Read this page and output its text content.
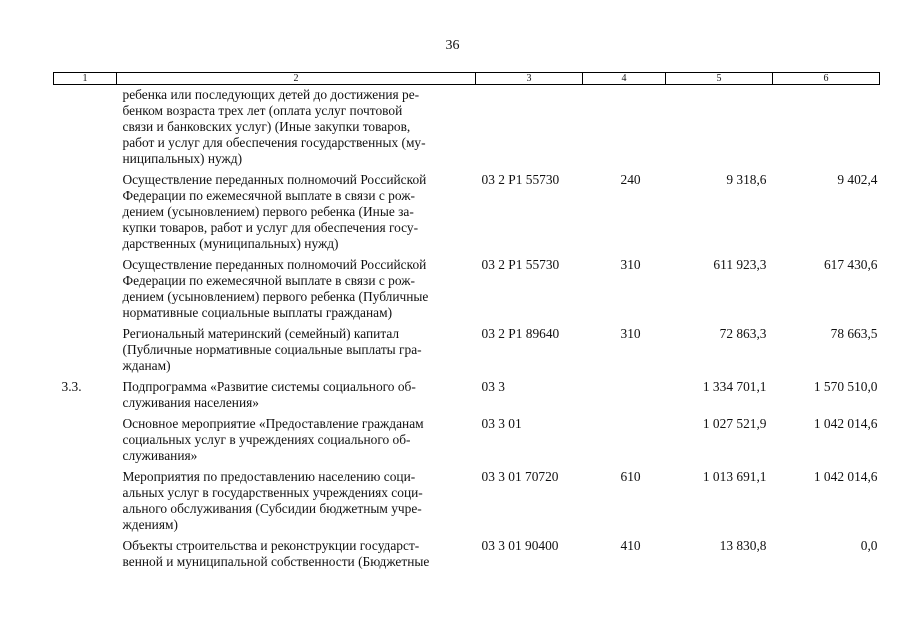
36
1	2	3	4	5	6

	ребенка или последующих детей до достижения ре-
бенком возраста трех лет (оплата услуг почтовой
связи и банковских услуг) (Иные закупки товаров,
работ и услуг для обеспечения государственных (му-
ниципальных) нужд)				

	Осуществление переданных полномочий Российской
Федерации по ежемесячной выплате в связи с рож-
дением (усыновлением) первого ребенка (Иные за-
купки товаров, работ и услуг для обеспечения госу-
дарственных (муниципальных) нужд)	03 2 P1 55730	240	9 318,6	9 402,4

	Осуществление переданных полномочий Российской
Федерации по ежемесячной выплате в связи с рож-
дением (усыновлением) первого ребенка (Публичные
нормативные социальные выплаты гражданам)	03 2 P1 55730	310	611 923,3	617 430,6

	Региональный материнский (семейный) капитал
(Публичные нормативные социальные выплаты гра-
жданам)	03 2 P1 89640	310	72 863,3	78 663,5
3.3.	Подпрограмма «Развитие системы социального об-
служивания населения»	03 3		1 334 701,1	1 570 510,0

	Основное мероприятие «Предоставление гражданам
социальных услуг в учреждениях социального об-
служивания»	03 3 01		1 027 521,9	1 042 014,6

	Мероприятия по предоставлению населению соци-
альных услуг в государственных учреждениях соци-
ального обслуживания (Субсидии бюджетным учре-
ждениям)	03 3 01 70720	610	1 013 691,1	1 042 014,6

	Объекты строительства и реконструкции государст-
венной и муниципальной собственности (Бюджетные	03 3 01 90400	410	13 830,8	0,0
